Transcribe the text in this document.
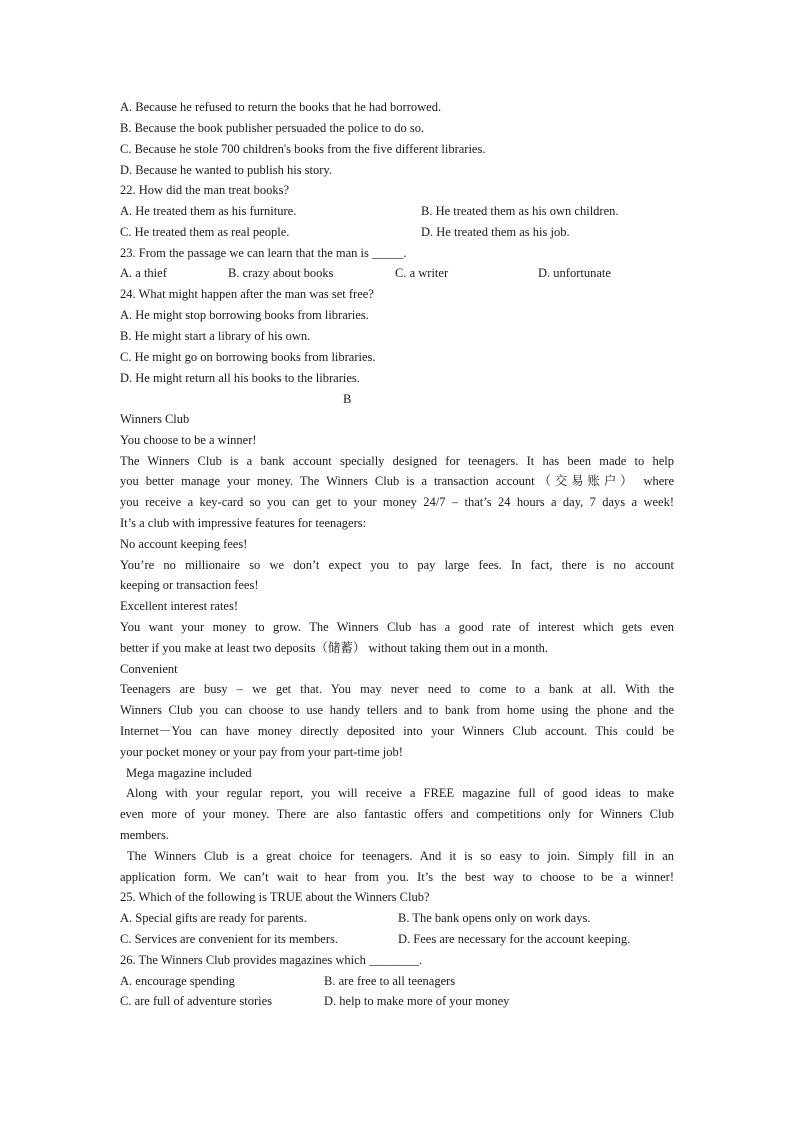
A. Because he refused to return the books that he had borrowed.
B. Because the book publisher persuaded the police to do so.
C. Because he stole 700 children's books from the five different libraries.
D. Because he wanted to publish his story.
22. How did the man treat books?
A. He treated them as his furniture.	B. He treated them as his own children.
C. He treated them as real people.	D. He treated them as his job.
23. From the passage we can learn that the man is _____.
A. a thief	B. crazy about books	C. a writer	D. unfortunate
24. What might happen after the man was set free?
A. He might stop borrowing books from libraries.
B. He might start a library of his own.
C. He might go on borrowing books from libraries.
D. He might return all his books to the libraries.
B
Winners Club
You choose to be a winner!
The Winners Club is a bank account specially designed for teenagers. It has been made to help
you better manage your money. The Winners Club is a transaction account（交易账户） where
you receive a key-card so you can get to your money 24/7 – that’s 24 hours a day, 7 days a week!
It’s a club with impressive features for teenagers:
No account keeping fees!
You’re no millionaire so we don’t expect you to pay large fees. In fact, there is no account
keeping or transaction fees!
Excellent interest rates!
You want your money to grow. The Winners Club has a good rate of interest which gets even
better if you make at least two deposits（储蓄） without taking them out in a month.
Convenient
Teenagers are busy – we get that. You may never need to come to a bank at all. With the
Winners Club you can choose to use handy tellers and to bank from home using the phone and the
Internet－You can have money directly deposited into your Winners Club account. This could be
your pocket money or your pay from your part-time job!
Mega magazine included
Along with your regular report, you will receive a FREE magazine full of good ideas to make
even more of your money. There are also fantastic offers and competitions only for Winners Club
members.
The Winners Club is a great choice for teenagers. And it is so easy to join. Simply fill in an
application form. We can’t wait to hear from you. It’s the best way to choose to be a winner!
25. Which of the following is TRUE about the Winners Club?
A. Special gifts are ready for parents.	B. The bank opens only on work days.
C. Services are convenient for its members.	D. Fees are necessary for the account keeping.
26. The Winners Club provides magazines which ________.
A. encourage spending	B. are free to all teenagers
C. are full of adventure stories	D. help to make more of your money
